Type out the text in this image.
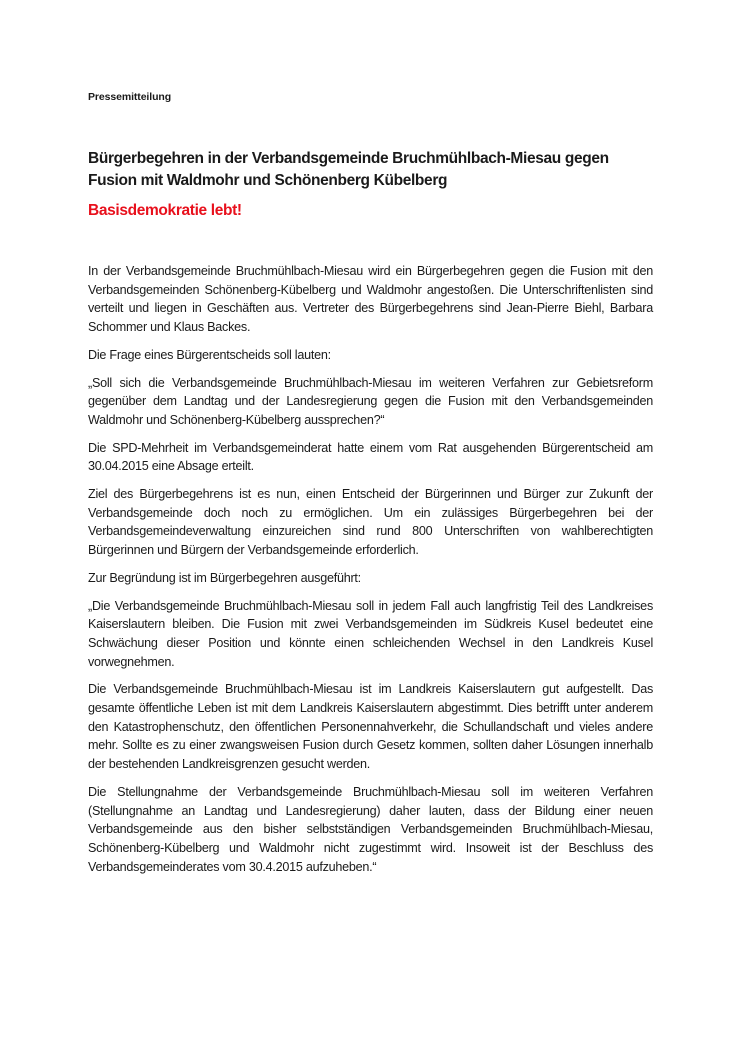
Pressemitteilung
Bürgerbegehren in der Verbandsgemeinde Bruchmühlbach-Miesau gegen Fusion mit Waldmohr und Schönenberg Kübelberg
Basisdemokratie lebt!

In der Verbandsgemeinde Bruchmühlbach-Miesau wird ein Bürgerbegehren gegen die Fusion mit den Verbandsgemeinden Schönenberg-Kübelberg und Waldmohr angestoßen. Die Unterschriftenlisten sind verteilt und liegen in Geschäften aus. Vertreter des Bürgerbegehrens sind Jean-Pierre Biehl, Barbara Schommer und Klaus Backes.

Die Frage eines Bürgerentscheids soll lauten:

„Soll sich die Verbandsgemeinde Bruchmühlbach-Miesau im weiteren Verfahren zur Gebietsreform gegenüber dem Landtag und der Landesregierung gegen die Fusion mit den Verbandsgemeinden Waldmohr und Schönenberg-Kübelberg aussprechen?“

Die SPD-Mehrheit im Verbandsgemeinderat hatte einem vom Rat ausgehenden Bürgerentscheid am 30.04.2015 eine Absage erteilt.

Ziel des Bürgerbegehrens ist es nun, einen Entscheid der Bürgerinnen und Bürger zur Zukunft der Verbandsgemeinde doch noch zu ermöglichen. Um ein zulässiges Bürgerbegehren bei der Verbandsgemeindeverwaltung einzureichen sind rund 800 Unterschriften von wahlberechtigten Bürgerinnen und Bürgern der Verbandsgemeinde erforderlich.

Zur Begründung ist im Bürgerbegehren ausgeführt:

„Die Verbandsgemeinde Bruchmühlbach-Miesau soll in jedem Fall auch langfristig Teil des Landkreises Kaiserslautern bleiben. Die Fusion mit zwei Verbandsgemeinden im Südkreis Kusel bedeutet eine Schwächung dieser Position und könnte einen schleichenden Wechsel in den Landkreis Kusel vorwegnehmen.

Die Verbandsgemeinde Bruchmühlbach-Miesau ist im Landkreis Kaiserslautern gut aufgestellt. Das gesamte öffentliche Leben ist mit dem Landkreis Kaiserslautern abgestimmt. Dies betrifft unter anderem den Katastrophenschutz, den öffentlichen Personennahverkehr, die Schullandschaft und vieles andere mehr. Sollte es zu einer zwangsweisen Fusion durch Gesetz kommen, sollten daher Lösungen innerhalb der bestehenden Landkreisgrenzen gesucht werden.

Die Stellungnahme der Verbandsgemeinde Bruchmühlbach-Miesau soll im weiteren Verfahren (Stellungnahme an Landtag und Landesregierung) daher lauten, dass der Bildung einer neuen Verbandsgemeinde aus den bisher selbstständigen Verbandsgemeinden Bruchmühlbach-Miesau, Schönenberg-Kübelberg und Waldmohr nicht zugestimmt wird. Insoweit ist der Beschluss des Verbandsgemeinderates vom 30.4.2015 aufzuheben.“
